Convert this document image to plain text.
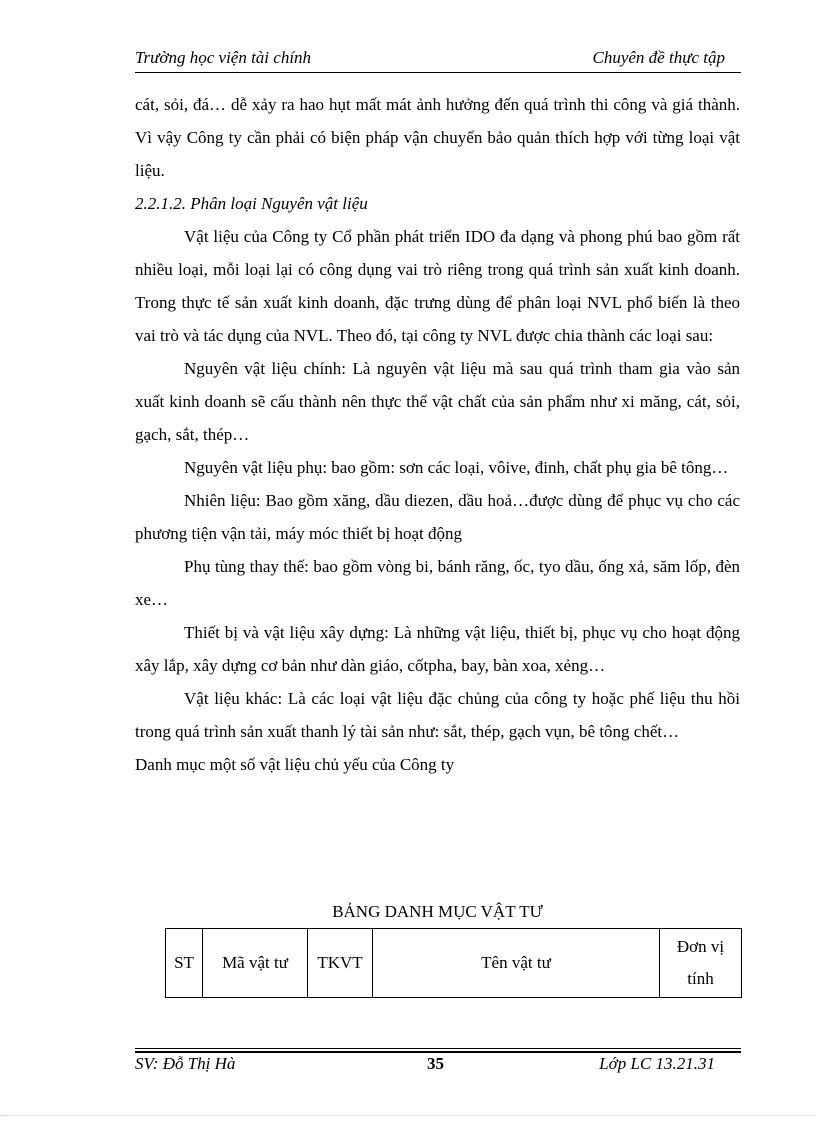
Trường học viện tài chính	Chuyên đề thực tập

cát, sỏi, đá… dễ xảy ra hao hụt mất mát ảnh hưởng đến quá trình thi công và giá thành. Vì vậy Công ty cần phải có biện pháp vận chuyển bảo quản thích hợp với từng loại vật liệu.

2.2.1.2. Phân loại Nguyên vật liệu

Vật liệu của Công ty Cổ phần phát triển IDO đa dạng và phong phú bao gồm rất nhiều loại, mỗi loại lại có công dụng vai trò riêng trong quá trình sản xuất kinh doanh. Trong thực tế sản xuất kinh doanh, đặc trưng dùng để phân loại NVL phổ biến là theo vai trò và tác dụng của NVL. Theo đó, tại công ty NVL được chia thành các loại sau:

Nguyên vật liệu chính: Là nguyên vật liệu mà sau quá trình tham gia vào sản xuất kinh doanh sẽ cấu thành nên thực thể vật chất của sản phẩm như xi măng, cát, sỏi, gạch, sắt, thép…

Nguyên vật liệu phụ: bao gồm: sơn các loại, vôive, đinh, chất phụ gia bê tông…

Nhiên liệu: Bao gồm xăng, dầu diezen, dầu hoả…được dùng để phục vụ cho các phương tiện vận tải, máy móc thiết bị hoạt động

Phụ tùng thay thế: bao gồm vòng bi, bánh răng, ốc, tyo dầu, ống xả, săm lốp, đèn xe…

Thiết bị và vật liệu xây dựng: Là những vật liệu, thiết bị, phục vụ cho hoạt động xây lắp, xây dựng cơ bản như dàn giáo, cốtpha, bay, bàn xoa, xẻng…

Vật liệu khác: Là các loại vật liệu đặc chủng của công ty hoặc phế liệu thu hồi trong quá trình sản xuất thanh lý tài sản như: sắt, thép, gạch vụn, bê tông chết…

Danh mục một số vật liệu chủ yếu của Công ty

BẢNG DANH MỤC VẬT TƯ
ST	Mã vật tư	TKVT	Tên vật tư	Đơn vị
tính
SV: Đỗ Thị Hà	35	Lớp LC 13.21.31
